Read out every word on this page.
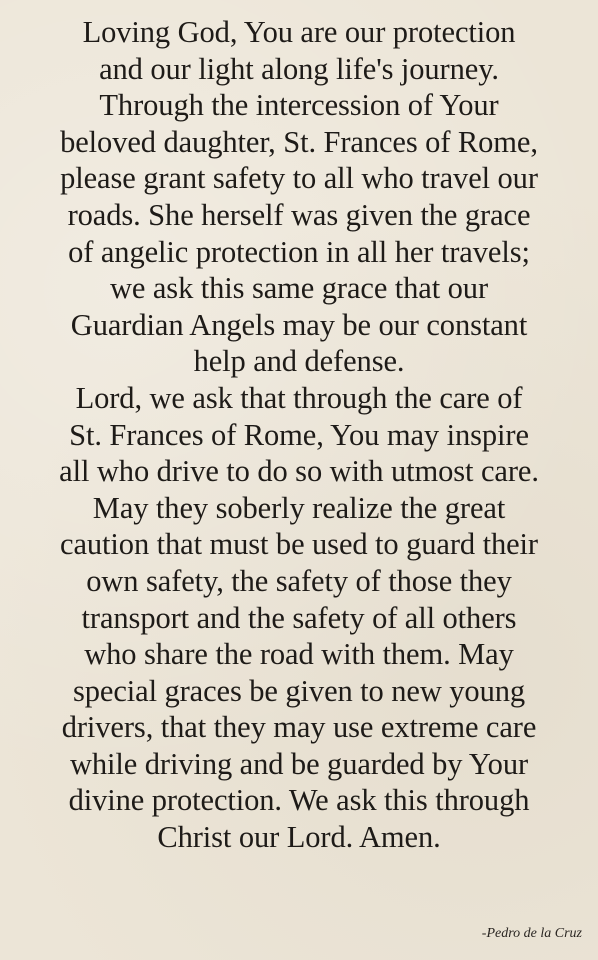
Loving God, You are our protection
and our light along life's journey.
Through the intercession of Your
beloved daughter, St. Frances of Rome,
please grant safety to all who travel our
roads. She herself was given the grace
of angelic protection in all her travels;
we ask this same grace that our
Guardian Angels may be our constant
help and defense.
Lord, we ask that through the care of
St. Frances of Rome, You may inspire
all who drive to do so with utmost care.
May they soberly realize the great
caution that must be used to guard their
own safety, the safety of those they
transport and the safety of all others
who share the road with them. May
special graces be given to new young
drivers, that they may use extreme care
while driving and be guarded by Your
divine protection. We ask this through
Christ our Lord. Amen.
-Pedro de la Cruz
